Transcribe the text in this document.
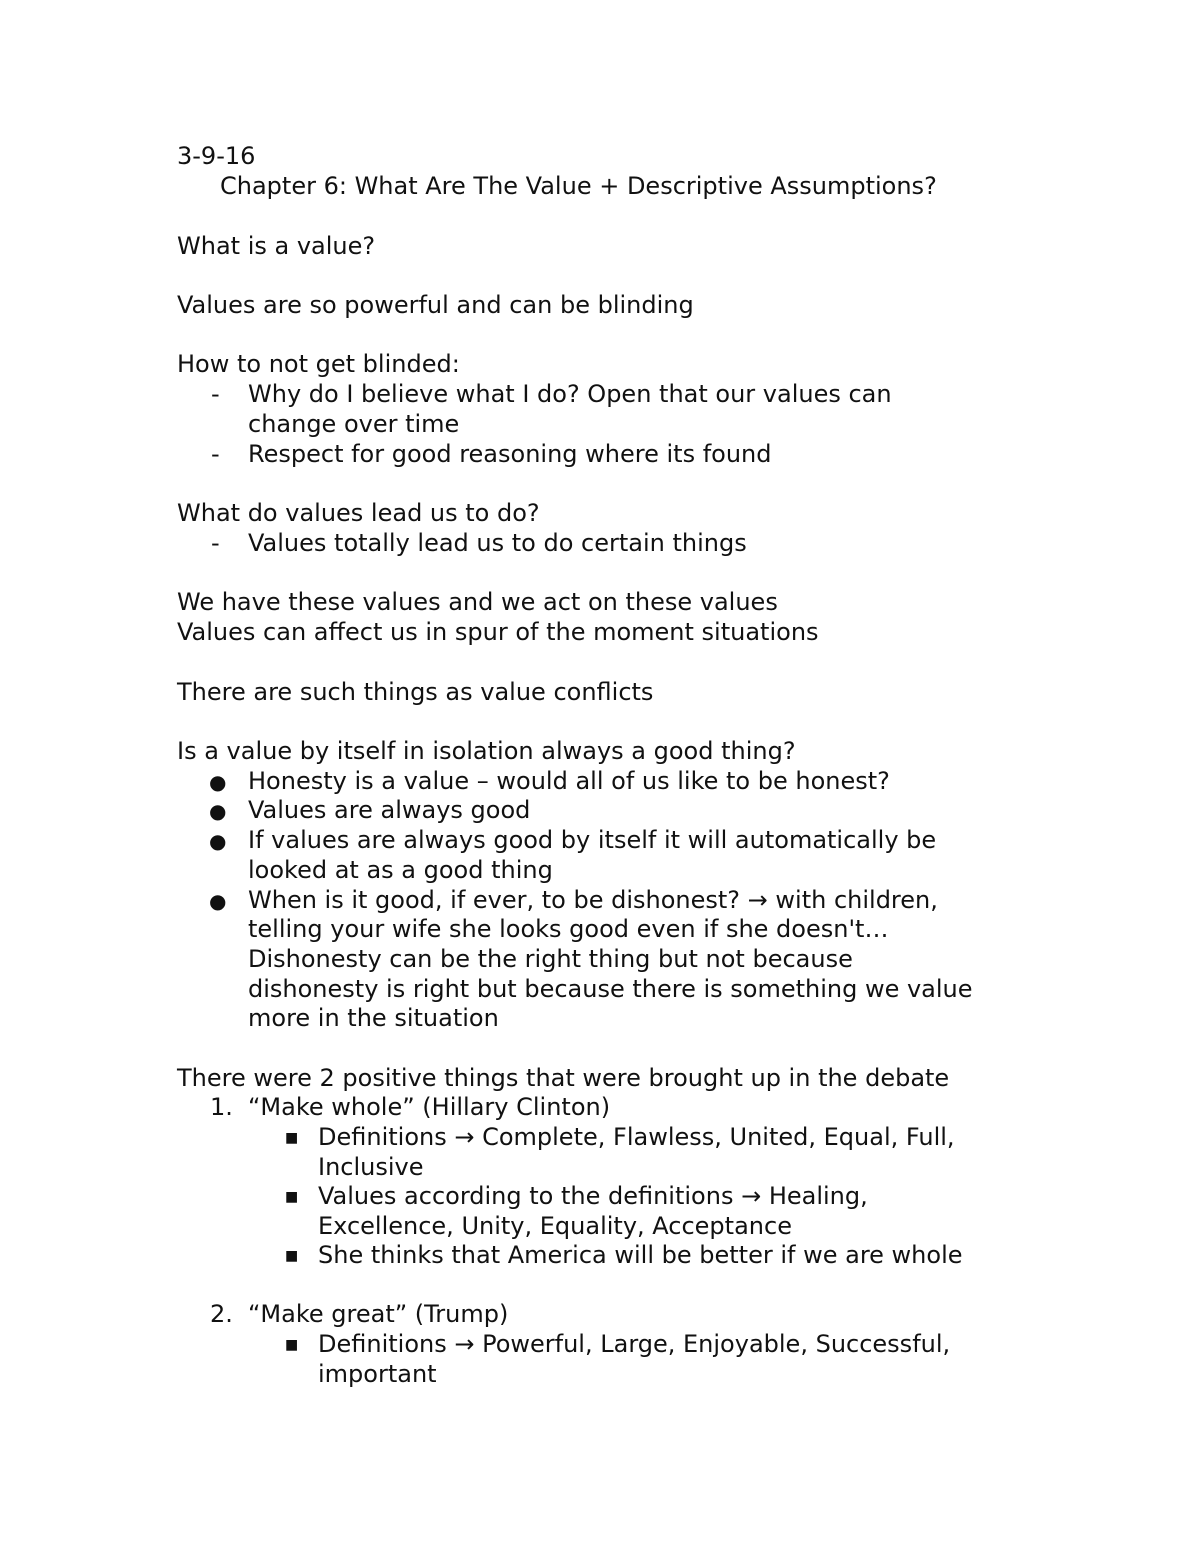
3-9-16
Chapter 6: What Are The Value + Descriptive Assumptions?
What is a value?
Values are so powerful and can be blinding
How to not get blinded:
- Why do I believe what I do? Open that our values can
change over time
- Respect for good reasoning where its found
What do values lead us to do?
- Values totally lead us to do certain things
We have these values and we act on these values
Values can affect us in spur of the moment situations
There are such things as value conflicts
Is a value by itself in isolation always a good thing?
● Honesty is a value – would all of us like to be honest?
● Values are always good
● If values are always good by itself it will automatically be
looked at as a good thing
● When is it good, if ever, to be dishonest? → with children,
telling your wife she looks good even if she doesn't…
Dishonesty can be the right thing but not because
dishonesty is right but because there is something we value
more in the situation
There were 2 positive things that were brought up in the debate
1. “Make whole” (Hillary Clinton)
■ Definitions → Complete, Flawless, United, Equal, Full,
Inclusive
■ Values according to the definitions → Healing,
Excellence, Unity, Equality, Acceptance
■ She thinks that America will be better if we are whole
2. “Make great” (Trump)
■ Definitions → Powerful, Large, Enjoyable, Successful,
important
